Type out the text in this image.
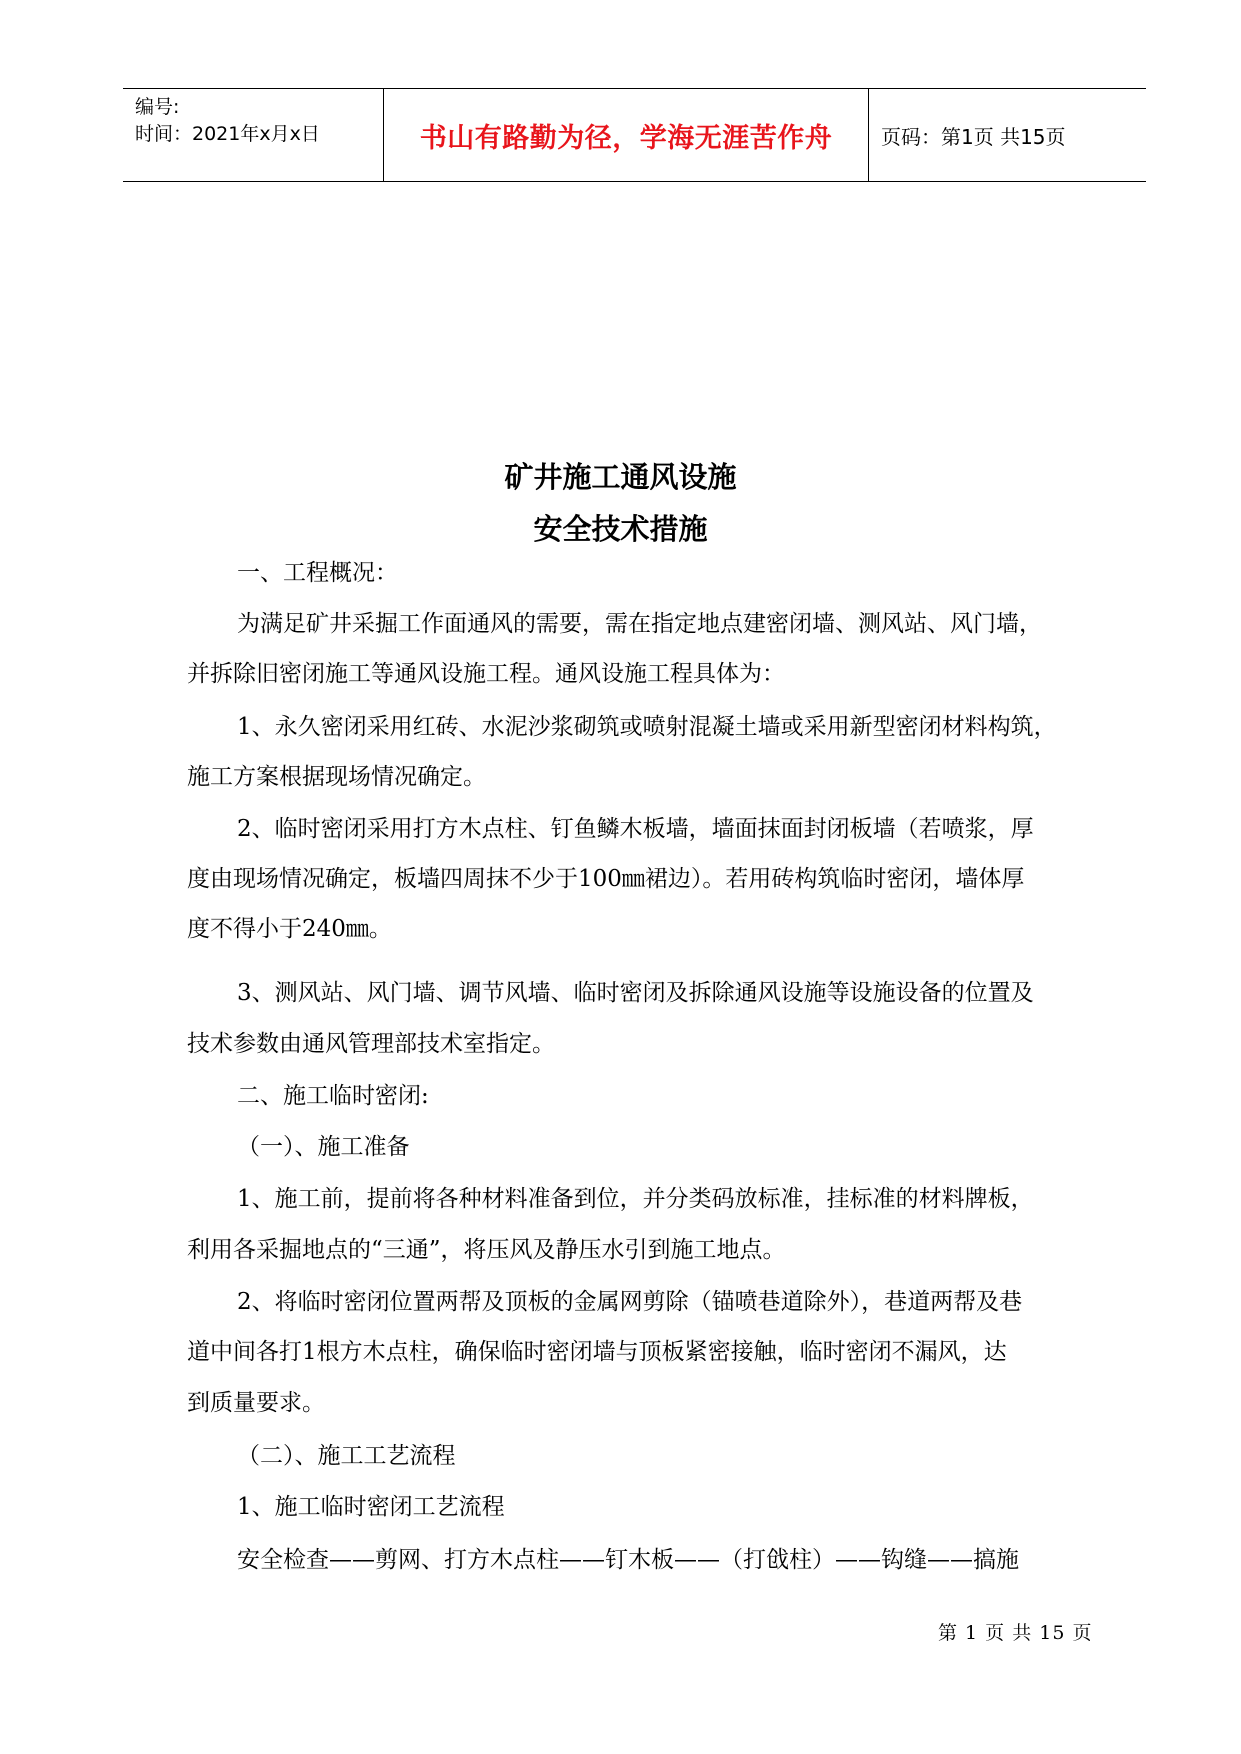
编号:
时间：2021年x月x日	书山有路勤为径，学海无涯苦作舟	页码：第1页 共15页
矿井施工通风设施
安全技术措施
一、工程概况：
为满足矿井采掘工作面通风的需要，需在指定地点建密闭墙、测风站、风门墙，
并拆除旧密闭施工等通风设施工程。通风设施工程具体为：
1、永久密闭采用红砖、水泥沙浆砌筑或喷射混凝土墙或采用新型密闭材料构筑，
施工方案根据现场情况确定。
2、临时密闭采用打方木点柱、钉鱼鳞木板墙，墙面抹面封闭板墙（若喷浆，厚
度由现场情况确定，板墙四周抹不少于100㎜裙边）。若用砖构筑临时密闭，墙体厚
度不得小于240㎜。
3、测风站、风门墙、调节风墙、临时密闭及拆除通风设施等设施设备的位置及
技术参数由通风管理部技术室指定。
二、施工临时密闭:
（一）、施工准备
1、施工前，提前将各种材料准备到位，并分类码放标准，挂标准的材料牌板，
利用各采掘地点的“三通”，将压风及静压水引到施工地点。
2、将临时密闭位置两帮及顶板的金属网剪除（锚喷巷道除外），巷道两帮及巷
道中间各打1根方木点柱，确保临时密闭墙与顶板紧密接触，临时密闭不漏风，达
到质量要求。
（二）、施工工艺流程
1、施工临时密闭工艺流程
安全检查——剪网、打方木点柱——钉木板——（打戗柱）——钩缝——搞施
第 1 页 共 15 页
